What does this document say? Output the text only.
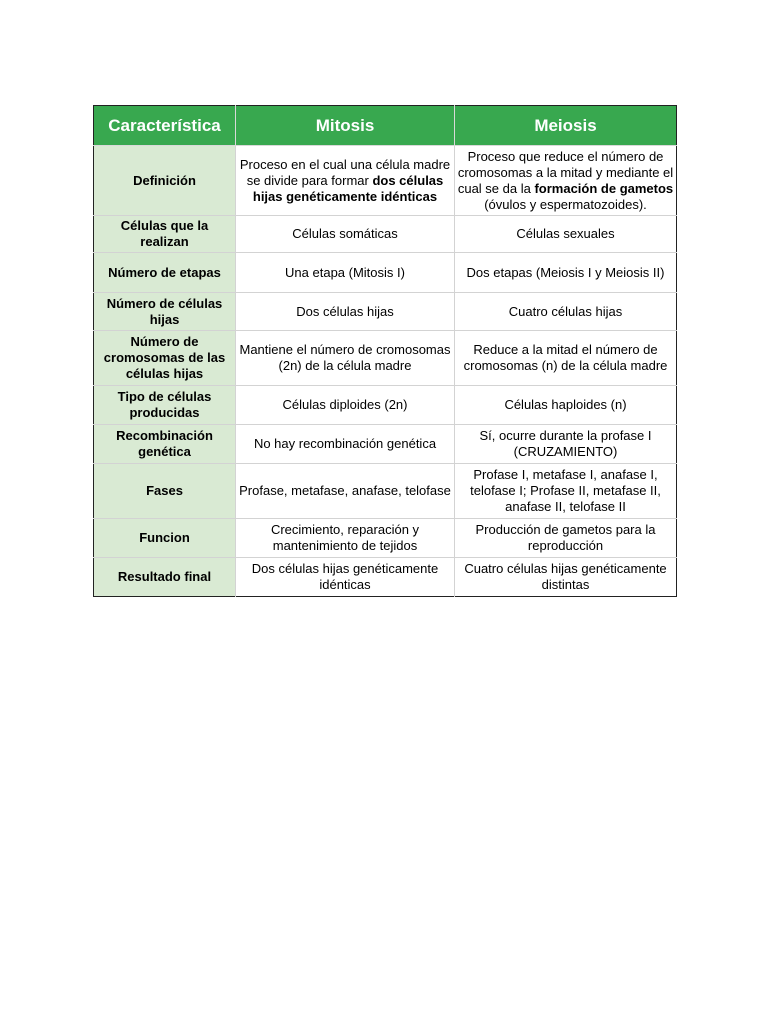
Característica	Mitosis	Meiosis
Definición	Proceso en el cual una célula madre se divide para formar dos células hijas genéticamente idénticas	Proceso que reduce el número de cromosomas a la mitad y mediante el cual se da la formación de gametos (óvulos y espermatozoides).
Células que la realizan	Células somáticas	Células sexuales
Número de etapas	Una etapa (Mitosis I)	Dos etapas (Meiosis I y Meiosis II)
Número de células hijas	Dos células hijas	Cuatro células hijas
Número de cromosomas de las células hijas	Mantiene el número de cromosomas (2n) de la célula madre	Reduce a la mitad el número de cromosomas (n) de la célula madre
Tipo de células producidas	Células diploides (2n)	Células haploides (n)
Recombinación genética	No hay recombinación genética	Sí, ocurre durante la profase I (CRUZAMIENTO)
Fases	Profase, metafase, anafase, telofase	Profase I, metafase I, anafase I, telofase I; Profase II, metafase II, anafase II, telofase II
Funcion	Crecimiento, reparación y mantenimiento de tejidos	Producción de gametos para la reproducción
Resultado final	Dos células hijas genéticamente idénticas	Cuatro células hijas genéticamente distintas
